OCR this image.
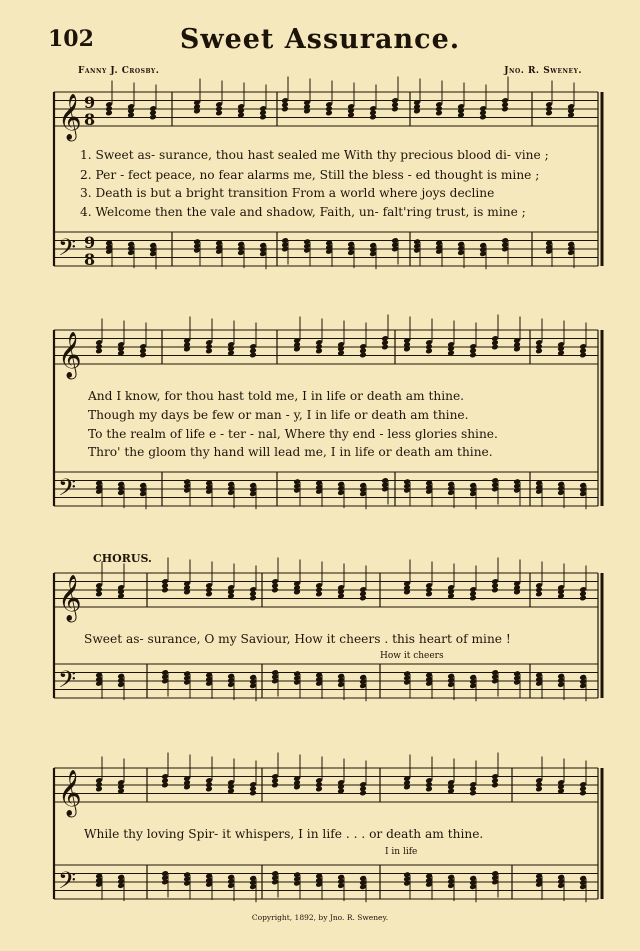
102	Sweet Assurance.
Fanny J. Crosby.	Jno. R. Sweney.
𝄞
𝄢
9
8
9
8
𝄞
𝄢
𝄞
𝄢
𝄞
𝄢
1. Sweet as- surance, thou hast sealed me With thy precious blood di- vine ;
2. Per - fect peace, no fear alarms me, Still the bless - ed thought is mine ;
3. Death is but a bright transition From a world where joys decline
4. Welcome then the vale and shadow, Faith, un- falt'ring trust, is mine ;
And I know, for thou hast told me, I in life or death am thine.
Though my days be few or man - y, I in life or death am thine.
To the realm of life e - ter - nal, Where thy end - less glories shine.
Thro' the gloom thy hand will lead me, I in life or death am thine.
CHORUS.
Sweet as- surance, O my Saviour, How it cheers . this heart of mine !
How it cheers
While thy loving Spir- it whispers, I in life . . . or death am thine.
I in life
Copyright, 1892, by Jno. R. Sweney.
